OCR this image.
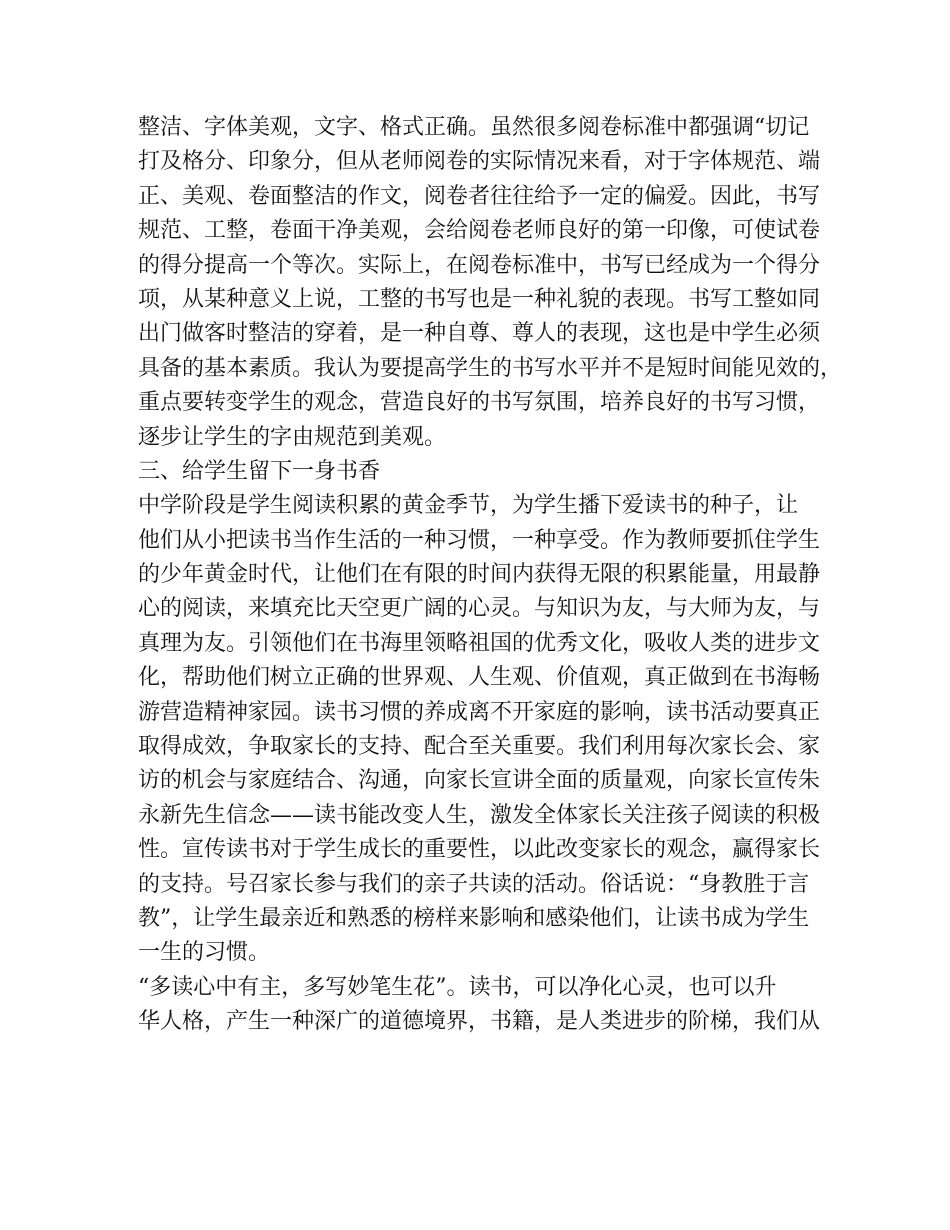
整洁、字体美观，文字、格式正确。虽然很多阅卷标准中都强调“切记
打及格分、印象分，但从老师阅卷的实际情况来看，对于字体规范、端
正、美观、卷面整洁的作文，阅卷者往往给予一定的偏爱。因此，书写
规范、工整，卷面干净美观，会给阅卷老师良好的第一印像，可使试卷
的得分提高一个等次。实际上，在阅卷标准中，书写已经成为一个得分
项，从某种意义上说，工整的书写也是一种礼貌的表现。书写工整如同
出门做客时整洁的穿着，是一种自尊、尊人的表现，这也是中学生必须
具备的基本素质。我认为要提高学生的书写水平并不是短时间能见效的，
重点要转变学生的观念，营造良好的书写氛围，培养良好的书写习惯，
逐步让学生的字由规范到美观。
三、给学生留下一身书香
中学阶段是学生阅读积累的黄金季节，为学生播下爱读书的种子，让
他们从小把读书当作生活的一种习惯，一种享受。作为教师要抓住学生
的少年黄金时代，让他们在有限的时间内获得无限的积累能量，用最静
心的阅读，来填充比天空更广阔的心灵。与知识为友，与大师为友，与
真理为友。引领他们在书海里领略祖国的优秀文化，吸收人类的进步文
化，帮助他们树立正确的世界观、人生观、价值观，真正做到在书海畅
游营造精神家园。读书习惯的养成离不开家庭的影响，读书活动要真正
取得成效，争取家长的支持、配合至关重要。我们利用每次家长会、家
访的机会与家庭结合、沟通，向家长宣讲全面的质量观，向家长宣传朱
永新先生信念——读书能改变人生，激发全体家长关注孩子阅读的积极
性。宣传读书对于学生成长的重要性，以此改变家长的观念，赢得家长
的支持。号召家长参与我们的亲子共读的活动。俗话说：“身教胜于言
教”，让学生最亲近和熟悉的榜样来影响和感染他们，让读书成为学生
一生的习惯。
“多读心中有主，多写妙笔生花”。读书，可以净化心灵，也可以升
华人格，产生一种深广的道德境界，书籍，是人类进步的阶梯，我们从
